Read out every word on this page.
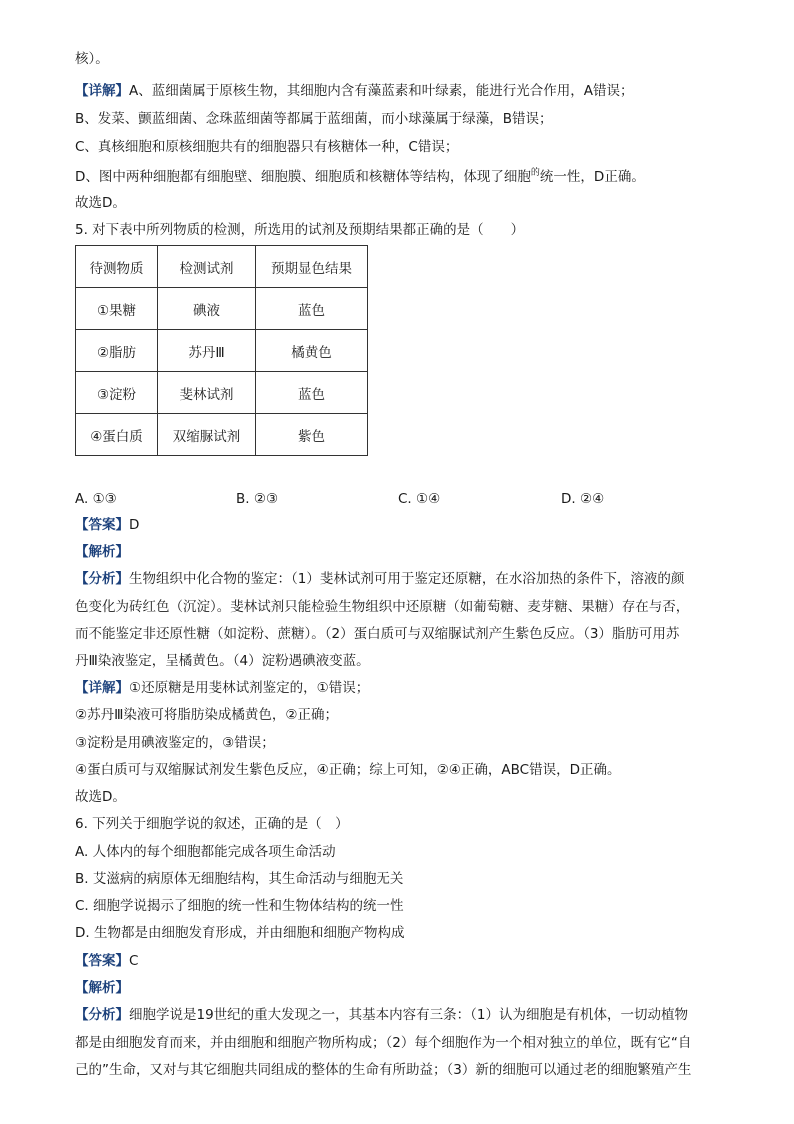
核）。
【详解】A、蓝细菌属于原核生物，其细胞内含有藻蓝素和叶绿素，能进行光合作用，A错误；
B、发菜、颤蓝细菌、念珠蓝细菌等都属于蓝细菌，而小球藻属于绿藻，B错误；
C、真核细胞和原核细胞共有的细胞器只有核糖体一种，C错误；
D、图中两种细胞都有细胞壁、细胞膜、细胞质和核糖体等结构，体现了细胞$^的$统一性，D正确。
故选D。
5. 对下表中所列物质的检测，所选用的试剂及预期结果都正确的是（　　）
待测物质	检测试剂	预期显色结果
①果糖	碘液	蓝色
②脂肪	苏丹Ⅲ	橘黄色
③淀粉	斐林试剂	蓝色
④蛋白质	双缩脲试剂	紫色
A. ①③	B. ②③	C. ①④	D. ②④
【答案】D
【解析】
【分析】生物组织中化合物的鉴定：（1）斐林试剂可用于鉴定还原糖，在水浴加热的条件下，溶液的颜
色变化为砖红色（沉淀）。斐林试剂只能检验生物组织中还原糖（如葡萄糖、麦芽糖、果糖）存在与否，
而不能鉴定非还原性糖（如淀粉、蔗糖）。（2）蛋白质可与双缩脲试剂产生紫色反应。（3）脂肪可用苏
丹Ⅲ染液鉴定，呈橘黄色。（4）淀粉遇碘液变蓝。
【详解】①还原糖是用斐林试剂鉴定的，①错误；
②苏丹Ⅲ染液可将脂肪染成橘黄色，②正确；
③淀粉是用碘液鉴定的，③错误；
④蛋白质可与双缩脲试剂发生紫色反应，④正确；综上可知，②④正确，ABC错误，D正确。
故选D。
6. 下列关于细胞学说的叙述，正确的是（　）
A. 人体内的每个细胞都能完成各项生命活动
B. 艾滋病的病原体无细胞结构，其生命活动与细胞无关
C. 细胞学说揭示了细胞的统一性和生物体结构的统一性
D. 生物都是由细胞发育形成，并由细胞和细胞产物构成
【答案】C
【解析】
【分析】细胞学说是19世纪的重大发现之一，其基本内容有三条：（1）认为细胞是有机体，一切动植物
都是由细胞发育而来，并由细胞和细胞产物所构成；（2）每个细胞作为一个相对独立的单位，既有它“自
己的”生命，又对与其它细胞共同组成的整体的生命有所助益；（3）新的细胞可以通过老的细胞繁殖产生
